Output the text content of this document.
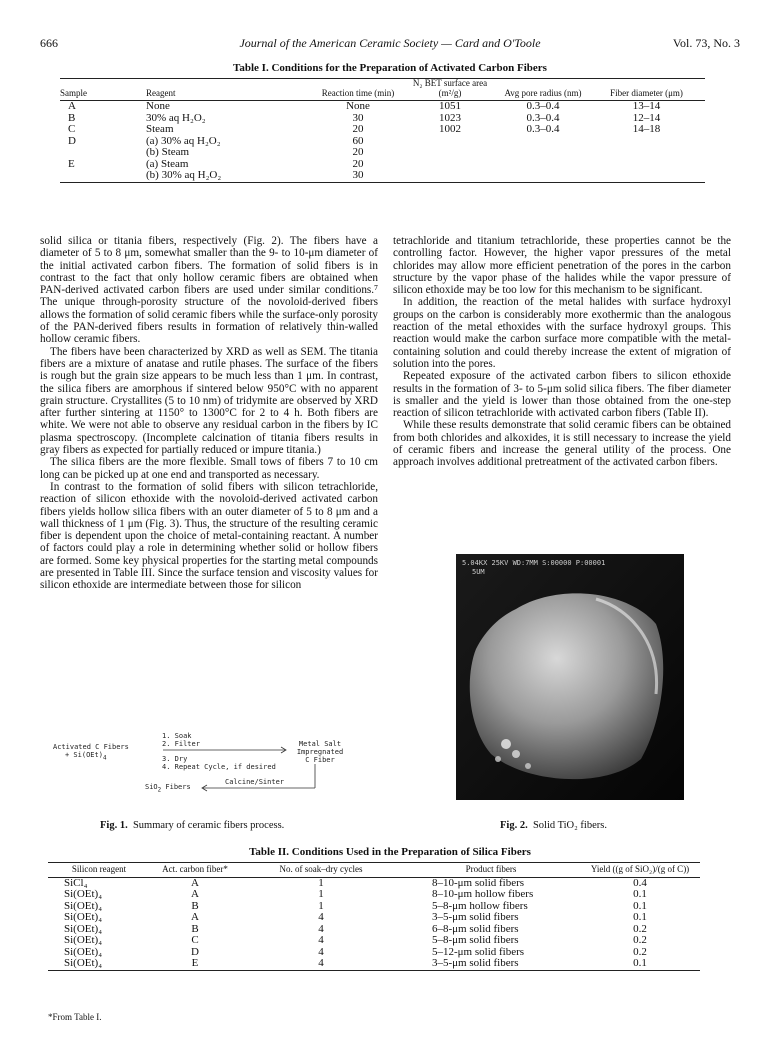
666	Journal of the American Ceramic Society — Card and O'Toole	Vol. 73, No. 3
Table I. Conditions for the Preparation of Activated Carbon Fibers
Sample	Reagent	Reaction time (min)	N₂ BET surface area (m²/g)	Avg pore radius (nm)	Fiber diameter (μm)
A	None	None	1051	0.3–0.4	13–14
B	30% aq H₂O₂	30	1023	0.3–0.4	12–14
C	Steam	20	1002	0.3–0.4	14–18
D	(a) 30% aq H₂O₂	60			
	(b) Steam	20			
E	(a) Steam	20			
	(b) 30% aq H₂O₂	30			

solid silica or titania fibers, respectively (Fig. 2). The fibers have a diameter of 5 to 8 μm, somewhat smaller than the 9- to 10-μm diameter of the initial activated carbon fibers. The formation of solid fibers is in contrast to the fact that only hollow ceramic fibers are obtained when PAN-derived activated carbon fibers are used under similar conditions.⁷ The unique through-porosity structure of the novoloid-derived fibers allows the formation of solid ceramic fibers while the surface-only porosity of the PAN-derived fibers results in formation of relatively thin-walled hollow ceramic fibers.

The fibers have been characterized by XRD as well as SEM. The titania fibers are a mixture of anatase and rutile phases. The surface of the fibers is rough but the grain size appears to be much less than 1 μm. In contrast, the silica fibers are amorphous if sintered below 950°C with no apparent grain structure. Crystallites (5 to 10 nm) of tridymite are observed by XRD after further sintering at 1150° to 1300°C for 2 to 4 h. Both fibers are white. We were not able to observe any residual carbon in the fibers by IC plasma spectroscopy. (Incomplete calcination of titania fibers results in gray fibers as expected for partially reduced or impure titania.)

The silica fibers are the more flexible. Small tows of fibers 7 to 10 cm long can be picked up at one end and transported as necessary.

In contrast to the formation of solid fibers with silicon tetrachloride, reaction of silicon ethoxide with the novoloid-derived activated carbon fibers yields hollow silica fibers with an outer diameter of 5 to 8 μm and a wall thickness of 1 μm (Fig. 3). Thus, the structure of the resulting ceramic fiber is dependent upon the choice of metal-containing reactant. A number of factors could play a role in determining whether solid or hollow fibers are formed. Some key physical properties for the starting metal compounds are presented in Table III. Since the surface tension and viscosity values for silicon ethoxide are intermediate between those for silicon

tetrachloride and titanium tetrachloride, these properties cannot be the controlling factor. However, the higher vapor pressures of the metal chlorides may allow more efficient penetration of the pores in the carbon structure by the vapor phase of the halides while the vapor pressure of silicon ethoxide may be too low for this mechanism to be significant.

In addition, the reaction of the metal halides with surface hydroxyl groups on the carbon is considerably more exothermic than the analogous reaction of the metal ethoxides with the surface hydroxyl groups. This reaction would make the carbon surface more compatible with the metal-containing solution and could thereby increase the extent of migration of solution into the pores.

Repeated exposure of the activated carbon fibers to silicon ethoxide results in the formation of 3- to 5-μm solid silica fibers. The fiber diameter is smaller and the yield is lower than those obtained from the one-step reaction of silicon tetrachloride with activated carbon fibers (Table II).

While these results demonstrate that solid ceramic fibers can be obtained from both chlorides and alkoxides, it is still necessary to increase the yield of ceramic fibers and increase the general utility of the process. One approach involves additional pretreatment of the activated carbon fibers.

1. Soak
2. Filter
3. Dry
4. Repeat Cycle, if desired
Activated C Fibers
+ $Si(OEt)_4$
Metal Salt
Impregnated
C Fiber
Calcine/Sinter
SiO$_2$ Fibers
Fig. 1. Summary of ceramic fibers process.
5.04KX 25KV WD:7MM S:00000 P:00001
5UM
Fig. 2. Solid TiO₂ fibers.
Table II. Conditions Used in the Preparation of Silica Fibers
Silicon reagent	Act. carbon fiber*	No. of soak–dry cycles	Product fibers	Yield ((g of SiO₂)/(g of C))
SiCl₄	A	1	8–10-μm solid fibers	0.4
Si(OEt)₄	A	1	8–10-μm hollow fibers	0.1
Si(OEt)₄	B	1	5–8-μm hollow fibers	0.1
Si(OEt)₄	A	4	3–5-μm solid fibers	0.1
Si(OEt)₄	B	4	6–8-μm solid fibers	0.2
Si(OEt)₄	C	4	5–8-μm solid fibers	0.2
Si(OEt)₄	D	4	5–12-μm solid fibers	0.2
Si(OEt)₄	E	4	3–5-μm solid fibers	0.1
*From Table I.
